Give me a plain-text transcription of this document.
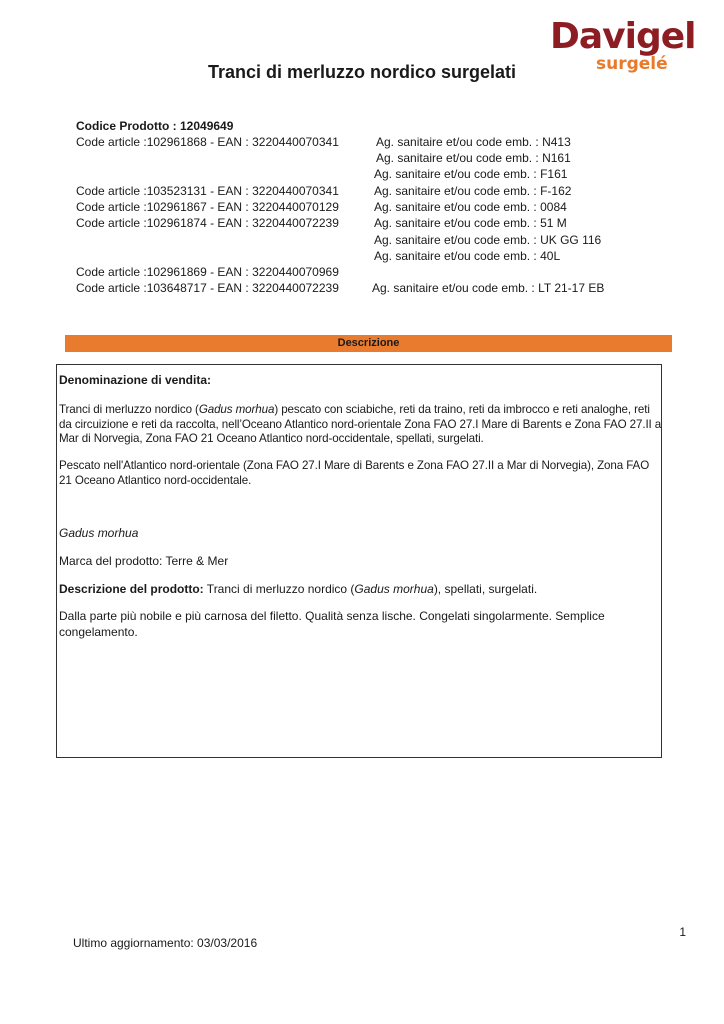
Davigel
surgelé
Tranci di merluzzo nordico surgelati
Codice Prodotto : 12049649
Code article :102961868 - EAN : 3220440070341
Code article :103523131 - EAN : 3220440070341
Code article :102961867 - EAN : 3220440070129
Code article :102961874 - EAN : 3220440072239
Code article :102961869 - EAN : 3220440070969
Code article :103648717 - EAN : 3220440072239
Ag. sanitaire et/ou code emb. : N413
Ag. sanitaire et/ou code emb. : N161
Ag. sanitaire et/ou code emb. : F161
Ag. sanitaire et/ou code emb. : F-162
Ag. sanitaire et/ou code emb. : 0084
Ag. sanitaire et/ou code emb. : 51 M
Ag. sanitaire et/ou code emb. : UK GG 116
Ag. sanitaire et/ou code emb. : 40L
Ag. sanitaire et/ou code emb. : LT 21-17 EB
Descrizione
Denominazione di vendita:
Tranci di merluzzo nordico (Gadus morhua) pescato con sciabiche, reti da traino, reti da imbrocco e reti analoghe, reti da circuizione e reti da raccolta, nell’Oceano Atlantico nord-orientale Zona FAO 27.I Mare di Barents e Zona FAO 27.II a Mar di Norvegia, Zona FAO 21 Oceano Atlantico nord-occidentale, spellati, surgelati.
Pescato nell'Atlantico nord-orientale (Zona FAO 27.I Mare di Barents e Zona FAO 27.II a Mar di Norvegia), Zona FAO 21 Oceano Atlantico nord-occidentale.
Gadus morhua
Marca del prodotto: Terre & Mer
Descrizione del prodotto: Tranci di merluzzo nordico (Gadus morhua), spellati, surgelati.
Dalla parte più nobile e più carnosa del filetto. Qualità senza lische. Congelati singolarmente. Semplice congelamento.
1
Ultimo aggiornamento: 03/03/2016
